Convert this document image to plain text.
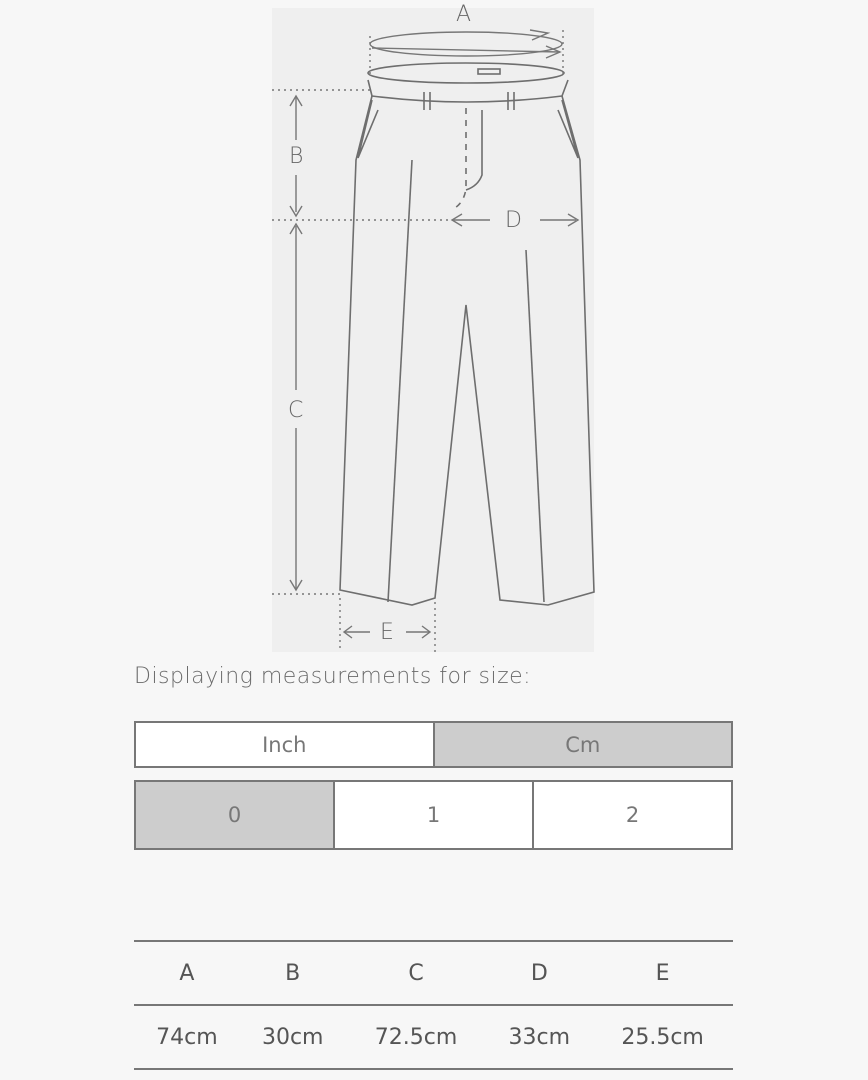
A
B
C
D
E
Displaying measurements for size:
Inch	Cm
0	1	2
A	B	C	D	E
74cm	30cm	72.5cm	33cm	25.5cm
